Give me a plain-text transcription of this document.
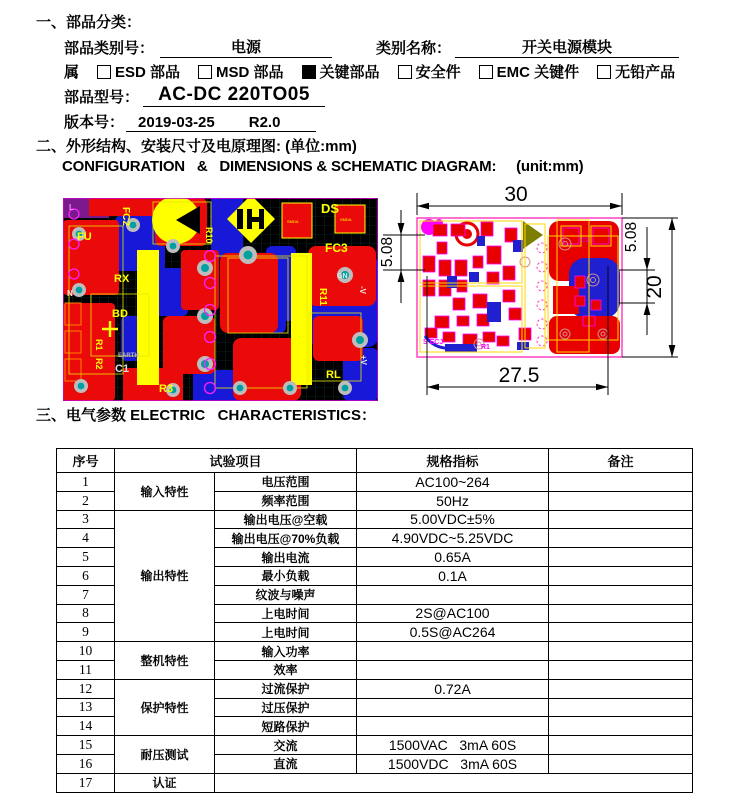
一、部品分类：
部品类别号：	电源	类别名称：	开关电源模块
属 ESD 部品 MSD 部品 关键部品 安全件 EMC 关键件 无铅产品
部品型号： AC-DC 220TO05
版本号： 2019-03-25 R2.0
二、外形结构、安装尺寸及电原理图: (单位:mm)
CONFIGURATION   &   DIMENSIONS & SCHEMATIC DIAGRAM:     (unit:mm)
DS
FC3
FU
RX
BD
R3
RL
FC2
R10
R1
R2
R11
SMDA	SMDA
EARTH
C1
GN
-V
+V
L
N
S ECJ
R1
C3
30
27.5
20
5.08
5.08
三、电气参数 ELECTRIC   CHARACTERISTICS：
序号	试验项目		规格指标	备注
1	输入特性	电压范围	AC100~264	
2		频率范围	50Hz	
3	输出特性	输出电压@空载	5.00VDC±5%	
4		输出电压@70%负载	4.90VDC~5.25VDC	
5		输出电流	0.65A	
6		最小负载	0.1A	
7		纹波与噪声		
8		上电时间	2S@AC100	
9		上电时间	0.5S@AC264	
10	整机特性	输入功率		
11		效率		
12	保护特性	过流保护	0.72A	
13		过压保护		
14		短路保护		
15	耐压测试	交流	1500VAC   3mA 60S	
16		直流	1500VDC   3mA 60S	
17	认证			
